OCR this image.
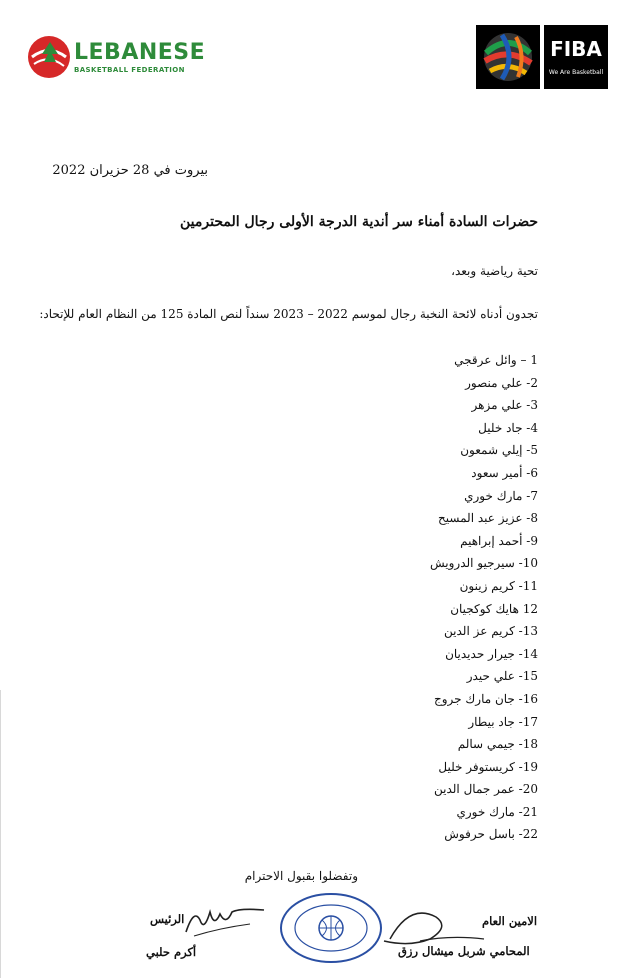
LEBANESE
BASKETBALL FEDERATION
FIBA
We Are Basketball
بيروت في 28 حزيران 2022
حضرات السادة أمناء سر أندية الدرجة الأولى رجال المحترمين
تحية رياضية وبعد،
تجدون أدناه لائحة النخبة رجال لموسم 2022 – 2023 سنداً لنص المادة 125 من النظام العام للإتحاد:
1 – وائل عرقجي
2- علي منصور
3- علي مزهر
4- جاد خليل
5- إيلي شمعون
6- أمير سعود
7- مارك خوري
8- عزيز عبد المسيح
9- أحمد إبراهيم
10- سيرجيو الدرويش
11- كريم زينون
12 هايك كوكجيان
13- كريم عز الدين
14- جيرار حديديان
15- علي حيدر
16- جان مارك جروج
17- جاد بيطار
18- جيمي سالم
19- كريستوفر خليل
20- عمر جمال الدين
21- مارك خوري
22- باسل حرفوش
وتفضلوا بقبول الاحترام
الرئيس
أكرم حلبي
الامين العام
المحامي شربل ميشال رزق
